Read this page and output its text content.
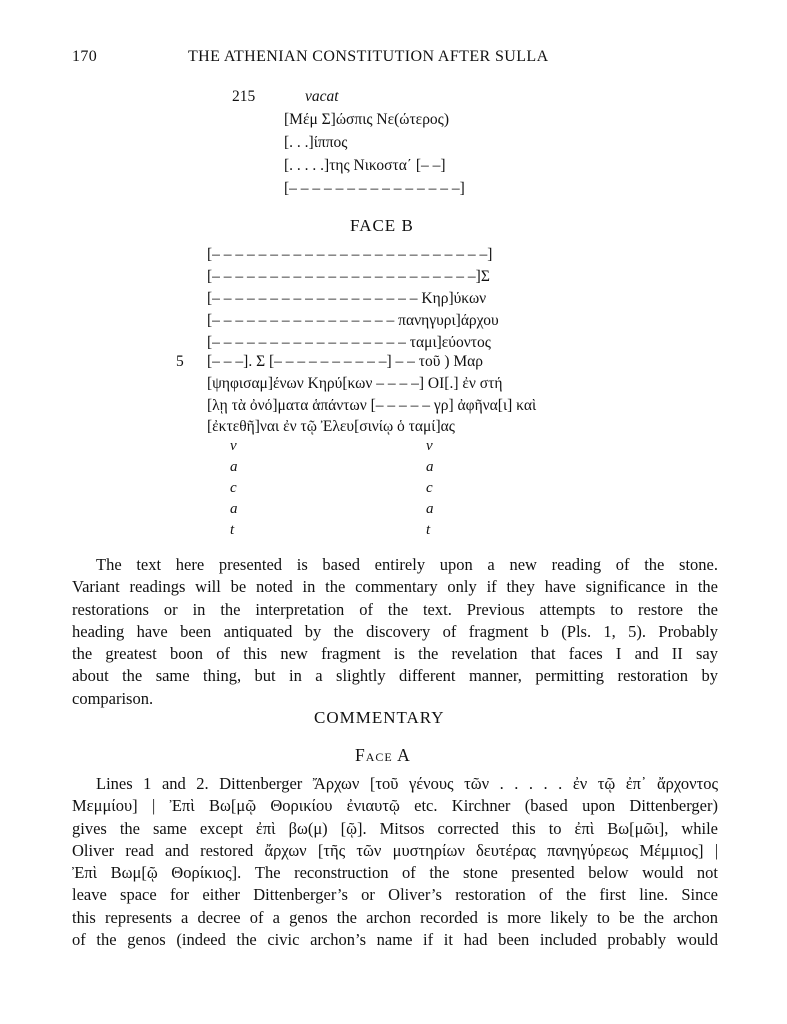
170	THE ATHENIAN CONSTITUTION AFTER SULLA
215	vacat
[Μέμ Σ]ώσπις Νε(ώτερος)
[. . .]ίππος
[. . . . .]της Νικοστα΄ [– –]
[– – – – – – – – – – – – – – –]
FACE B
[– – – – – – – – – – – – – – – – – – – – – – – –]
[– – – – – – – – – – – – – – – – – – – – – – –]Σ
[– – – – – – – – – – – – – – – – – – Κηρ]ύκων
[– – – – – – – – – – – – – – – – πανηγυρι]άρχου
[– – – – – – – – – – – – – – – – – ταμι]εύοντος
5 [– – –]. Σ [– – – – – – – – – –] – – τοῦ ) Μαρ
[ψηφισαμ]ένων Κηρύ[κων – – – –] ΟΙ[.] ἐν στή
[λῃ τὰ ὀνό]ματα ἁπάντων [– – – – – γρ] ἀφῆνα[ι] καὶ
[ἐκτεθῆ]ναι ἐν τῷ Ἐλευ[σινίῳ ὁ ταμί]ας
v
a
c
a
t
v
a
c
a
t
The text here presented is based entirely upon a new reading of the stone.
Variant readings will be noted in the commentary only if they have significance in the
restorations or in the interpretation of the text. Previous attempts to restore the
heading have been antiquated by the discovery of fragment b (Pls. 1, 5). Probably
the greatest boon of this new fragment is the revelation that faces I and II say
about the same thing, but in a slightly different manner, permitting restoration by
comparison.
COMMENTARY
Face A
Lines 1 and 2. Dittenberger Ἄρχων [τοῦ γένους τῶν . . . . . ἐν τῷ ἐπ᾽ ἄρχοντος
Μεμμίου] | Ἐπὶ Βω[μῷ Θορικίου ἐνιαυτῷ etc. Kirchner (based upon Dittenberger)
gives the same except ἐπὶ βω(μ) [ῷ]. Mitsos corrected this to ἐπὶ Βω[μῶι], while
Oliver read and restored ἄρχων [τῆς τῶν μυστηρίων δευτέρας πανηγύρεως Μέμμιος] |
Ἐπὶ Βωμ[ῷ Θορίκιος]. The reconstruction of the stone presented below would not
leave space for either Dittenberger’s or Oliver’s restoration of the first line. Since
this represents a decree of a genos the archon recorded is more likely to be the archon
of the genos (indeed the civic archon’s name if it had been included probably would
